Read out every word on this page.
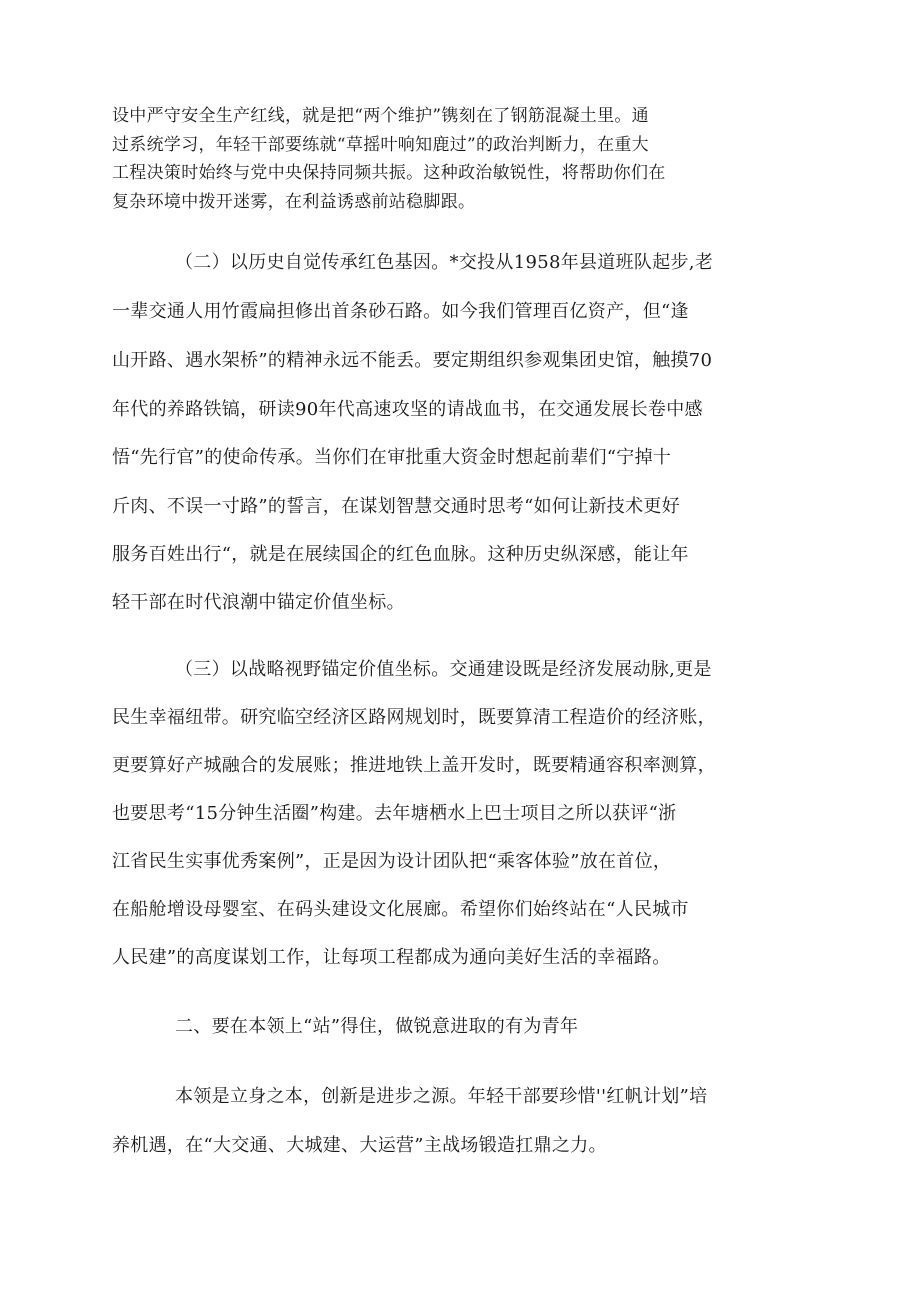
设中严守安全生产红线，就是把“两个维护”镌刻在了钢筋混凝土里。通
过系统学习，年轻干部要练就“草摇叶响知鹿过”的政治判断力，在重大
工程决策时始终与党中央保持同频共振。这种政治敏锐性，将帮助你们在
复杂环境中拨开迷雾，在利益诱惑前站稳脚跟。
（二）以历史自觉传承红色基因。*交投从1958年县道班队起步,老
一辈交通人用竹霞扁担修出首条砂石路。如今我们管理百亿资产，但“逢
山开路、遇水架桥”的精神永远不能丢。要定期组织参观集团史馆，触摸70
年代的养路铁镐，研读90年代高速攻坚的请战血书，在交通发展长卷中感
悟“先行官”的使命传承。当你们在审批重大资金时想起前辈们“宁掉十
斤肉、不误一寸路”的誓言，在谋划智慧交通时思考“如何让新技术更好
服务百姓出行“，就是在展续国企的红色血脉。这种历史纵深感，能让年
轻干部在时代浪潮中锚定价值坐标。
（三）以战略视野锚定价值坐标。交通建设既是经济发展动脉,更是
民生幸福纽带。研究临空经济区路网规划时，既要算清工程造价的经济账，
更要算好产城融合的发展账；推进地铁上盖开发时，既要精通容积率测算，
也要思考“15分钟生活圈”构建。去年塘栖水上巴士项目之所以获评“浙
江省民生实事优秀案例”，正是因为设计团队把“乘客体验”放在首位，
在船舱增设母婴室、在码头建设文化展廊。希望你们始终站在“人民城市
人民建”的高度谋划工作，让每项工程都成为通向美好生活的幸福路。
二、要在本领上“站”得住，做锐意进取的有为青年
本领是立身之本，创新是进步之源。年轻干部要珍惜''红帆计划”培
养机遇，在“大交通、大城建、大运营”主战场锻造扛鼎之力。
